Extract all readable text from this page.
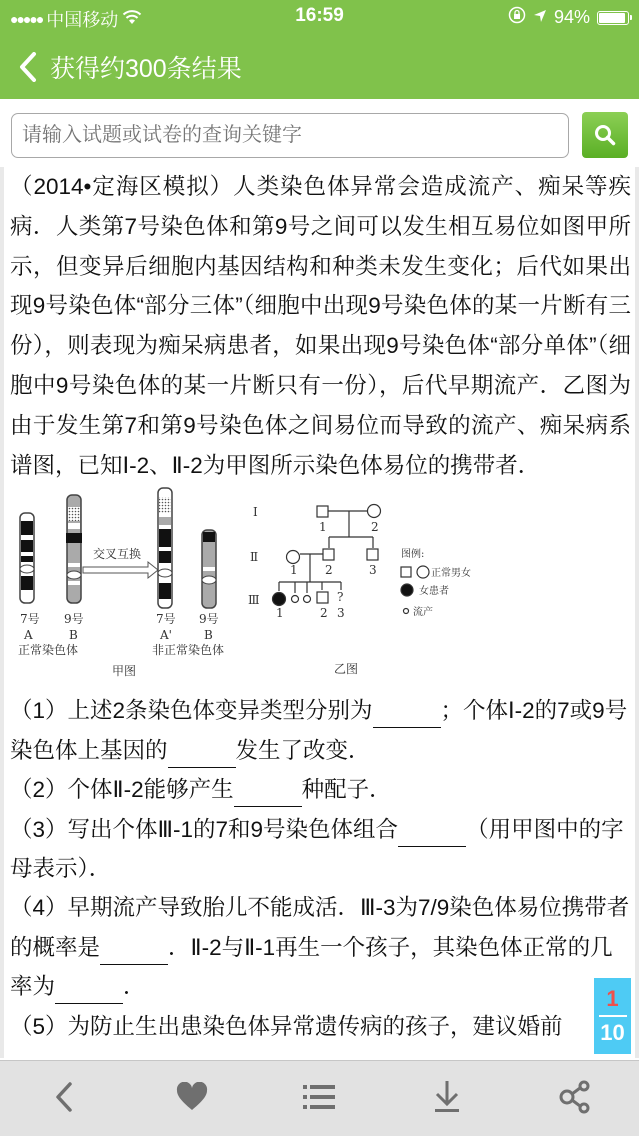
●●●●● 中国移动	16:59	94%
获得约300条结果
请输入试题或试卷的查询关键字

（2014•定海区模拟）人类染色体异常会造成流产、痴呆等疾病．人类第7号染色体和第9号之间可以发生相互易位如图甲所示，但变异后细胞内基因结构和种类未发生变化；后代如果出现9号染色体“部分三体”（细胞中出现9号染色体的某一片断有三份），则表现为痴呆病患者，如果出现9号染色体“部分单体”（细胞中9号染色体的某一片断只有一份），后代早期流产．乙图为由于发生第7和第9号染色体之间易位而导致的流产、痴呆病系谱图，已知Ⅰ-2、Ⅱ-2为甲图所示染色体易位的携带者．

交叉互换
7号 9号
A	B
正常染色体
7号 9号
A'	B
非正常染色体
甲图
Ⅰ
Ⅱ
Ⅲ
1	2
1 2	3
1	2
?
3
图例:
正常男女
女患者
流产
乙图

（1）上述2条染色体变异类型分别为	；个体Ⅰ-2的7或9号染色体上基因的	发生了改变．

（2）个体Ⅱ-2能够产生	种配子．

（3）写出个体Ⅲ-1的7和9号染色体组合	（用甲图中的字母表示）．

（4）早期流产导致胎儿不能成活．Ⅲ-3为7/9染色体易位携带者的概率是	．Ⅱ-2与Ⅱ-1再生一个孩子，其染色体正常的几率为	．

（5）为防止生出患染色体异常遗传病的孩子，建议婚前

1
10
